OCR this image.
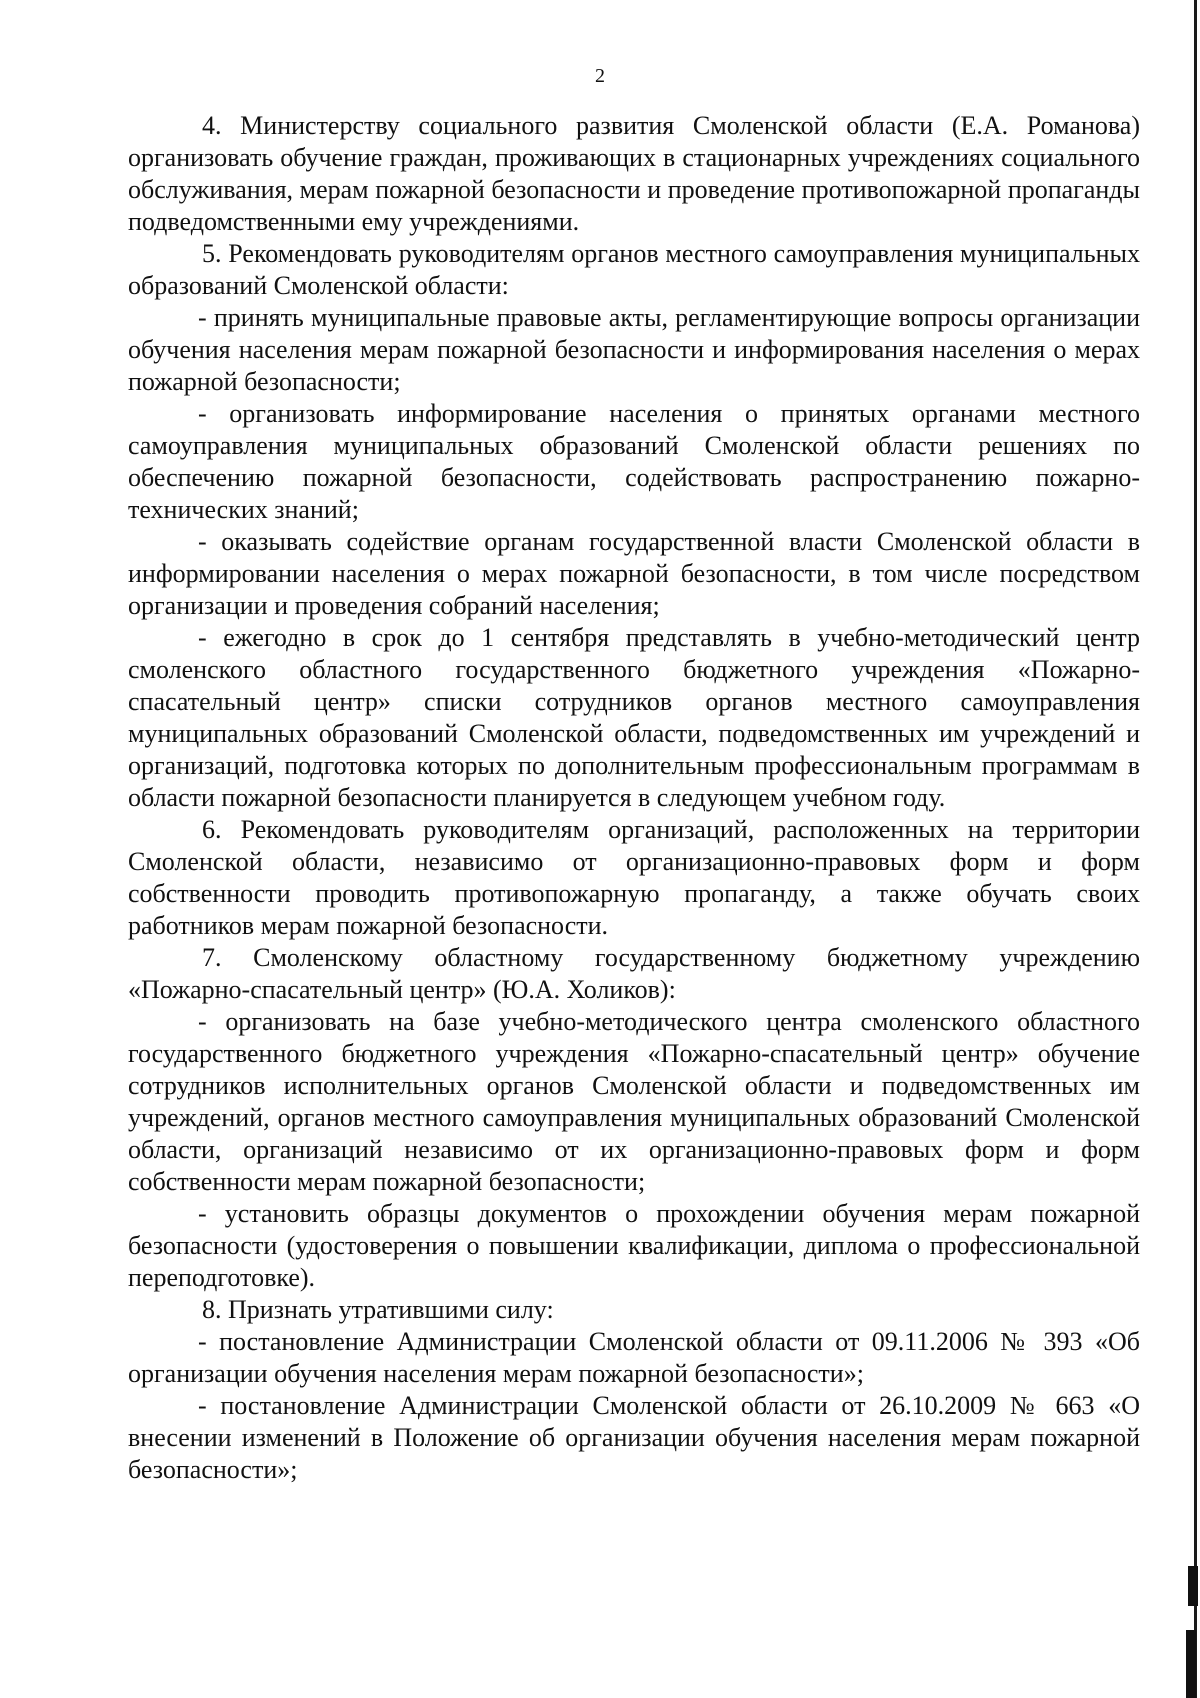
2

4. Министерству социального развития Смоленской области (Е.А. Романова) организовать обучение граждан, проживающих в стационарных учреждениях социального обслуживания, мерам пожарной безопасности и проведение противопожарной пропаганды подведомственными ему учреждениями.

5. Рекомендовать руководителям органов местного самоуправления муниципальных образований Смоленской области:

- принять муниципальные правовые акты, регламентирующие вопросы организации обучения населения мерам пожарной безопасности и информирования населения о мерах пожарной безопасности;

- организовать информирование населения о принятых органами местного самоуправления муниципальных образований Смоленской области решениях по обеспечению пожарной безопасности, содействовать распространению пожарно-технических знаний;

- оказывать содействие органам государственной власти Смоленской области в информировании населения о мерах пожарной безопасности, в том числе посредством организации и проведения собраний населения;

- ежегодно в срок до 1 сентября представлять в учебно-методический центр смоленского областного государственного бюджетного учреждения «Пожарно-спасательный центр» списки сотрудников органов местного самоуправления муниципальных образований Смоленской области, подведомственных им учреждений и организаций, подготовка которых по дополнительным профессиональным программам в области пожарной безопасности планируется в следующем учебном году.

6. Рекомендовать руководителям организаций, расположенных на территории Смоленской области, независимо от организационно-правовых форм и форм собственности проводить противопожарную пропаганду, а также обучать своих работников мерам пожарной безопасности.

7. Смоленскому областному государственному бюджетному учреждению «Пожарно-спасательный центр» (Ю.А. Холиков):

- организовать на базе учебно-методического центра смоленского областного государственного бюджетного учреждения «Пожарно-спасательный центр» обучение сотрудников исполнительных органов Смоленской области и подведомственных им учреждений, органов местного самоуправления муниципальных образований Смоленской области, организаций независимо от их организационно-правовых форм и форм собственности мерам пожарной безопасности;

- установить образцы документов о прохождении обучения мерам пожарной безопасности (удостоверения о повышении квалификации, диплома о профессиональной переподготовке).

8. Признать утратившими силу:

- постановление Администрации Смоленской области от 09.11.2006 № 393 «Об организации обучения населения мерам пожарной безопасности»;

- постановление Администрации Смоленской области от 26.10.2009 № 663 «О внесении изменений в Положение об организации обучения населения мерам пожарной безопасности»;
